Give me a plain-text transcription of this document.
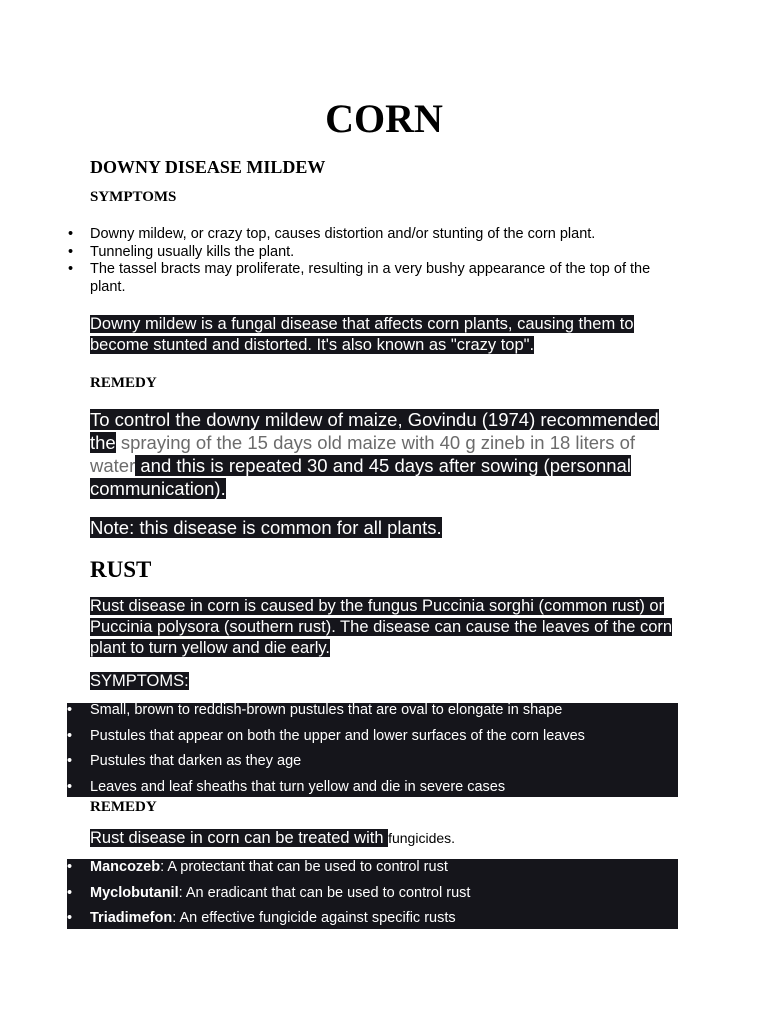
CORN
DOWNY DISEASE MILDEW
SYMPTOMS
• Downy mildew, or crazy top, causes distortion and/or stunting of the corn plant.
• Tunneling usually kills the plant.
• The tassel bracts may proliferate, resulting in a very bushy appearance of the top of the plant.

Downy mildew is a fungal disease that affects corn plants, causing them to become stunted and distorted. It's also known as "crazy top".

REMEDY

To control the downy mildew of maize, Govindu (1974) recommended the spraying of the 15 days old maize with 40 g zineb in 18 liters of water and this is repeated 30 and 45 days after sowing (personnal communication).

Note: this disease is common for all plants.

RUST

Rust disease in corn is caused by the fungus Puccinia sorghi (common rust) or Puccinia polysora (southern rust). The disease can cause the leaves of the corn plant to turn yellow and die early.

SYMPTOMS:

• Small, brown to reddish-brown pustules that are oval to elongate in shape
• Pustules that appear on both the upper and lower surfaces of the corn leaves
• Pustules that darken as they age
• Leaves and leaf sheaths that turn yellow and die in severe cases
REMEDY

Rust disease in corn can be treated with fungicides.

• Mancozeb: A protectant that can be used to control rust
• Myclobutanil: An eradicant that can be used to control rust
• Triadimefon: An effective fungicide against specific rusts
